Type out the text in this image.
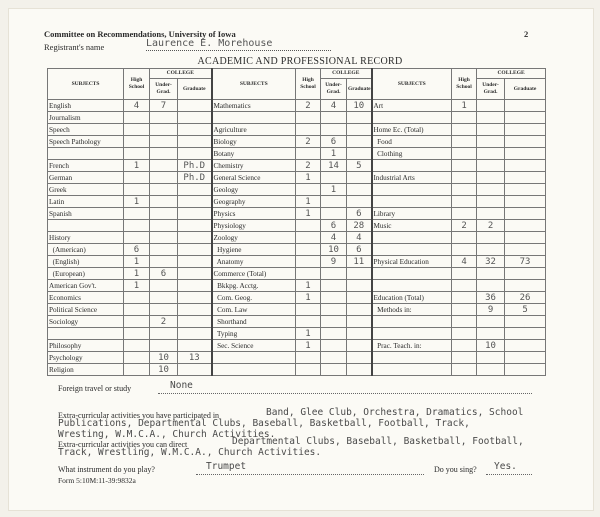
Committee on Recommendations, University of Iowa	2
Registrant's name	Laurence E. Morehouse
ACADEMIC AND PROFESSIONAL RECORD
SUBJECTS	High School	COLLEGE		SUBJECTS	High School	COLLEGE		SUBJECTS	High School	COLLEGE	
		Under-Grad.	Graduate			Under-Grad.	Graduate			Under-Grad.	Graduate
English	4	7		Mathematics	2	4	10	Art	1		
Journalism											
Speech				Agriculture				Home Ec. (Total)			
Speech Pathology				Biology	2	6		Food			
				Botany		1		Clothing			
French	1		Ph.D	Chemistry	2	14	5				
German			Ph.D	General Science	1			Industrial Arts			
Greek				Geology		1					
Latin	1			Geography	1						
Spanish				Physics	1		6	Library			
				Physiology		6	28	Music	2	2	
History				Zoology		4	4				
(American)	6			Hygiene		10	6				
(English)	1			Anatomy		9	11	Physical Education	4	32	73
(European)	1	6		Commerce (Total)							
American Gov't.	1			Bkkpg. Acctg.	1						
Economics				Com. Geog.	1			Education (Total)		36	26
Political Science				Com. Law				Methods in:		9	5
Sociology		2		Shorthand							
				Typing	1						
Philosophy				Sec. Science	1			Prac. Teach. in:		10	
Psychology		10	13								
Religion		10									
Foreign travel or study	None
Extra-curricular activities you have participated in	Band, Glee Club, Orchestra, Dramatics, School
Publications, Departmental Clubs, Baseball, Basketball, Football, Track,
Wresting, W.M.C.A., Church Activities.
Extra-curricular activities you can direct	Departmental Clubs, Baseball, Basketball, Football,
Track, Wrestling, W.M.C.A., Church Activities.
What instrument do you play?	Trumpet	Do you sing? Yes.
Form 5:10M:11-39:9832a
